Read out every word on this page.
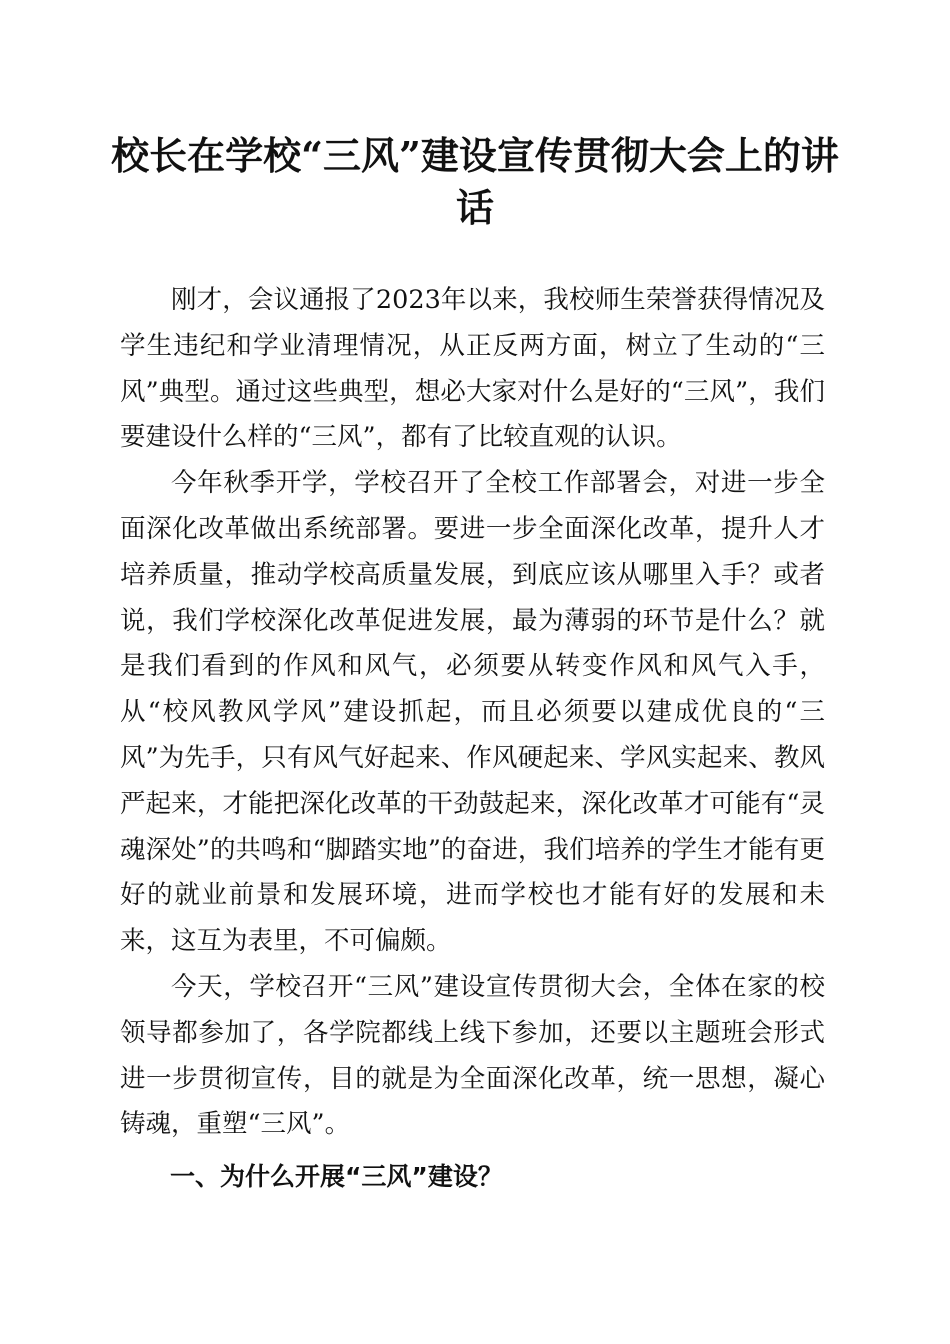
校长在学校“三风”建设宣传贯彻大会上的讲话

刚才，会议通报了2023年以来，我校师生荣誉获得情况及学生违纪和学业清理情况，从正反两方面，树立了生动的“三风”典型。通过这些典型，想必大家对什么是好的“三风”，我们要建设什么样的“三风”，都有了比较直观的认识。

今年秋季开学，学校召开了全校工作部署会，对进一步全面深化改革做出系统部署。要进一步全面深化改革，提升人才培养质量，推动学校高质量发展，到底应该从哪里入手？或者说，我们学校深化改革促进发展，最为薄弱的环节是什么？就是我们看到的作风和风气，必须要从转变作风和风气入手，从“校风教风学风”建设抓起，而且必须要以建成优良的“三风”为先手，只有风气好起来、作风硬起来、学风实起来、教风严起来，才能把深化改革的干劲鼓起来，深化改革才可能有“灵魂深处”的共鸣和“脚踏实地”的奋进，我们培养的学生才能有更好的就业前景和发展环境，进而学校也才能有好的发展和未来，这互为表里，不可偏颇。

今天，学校召开“三风”建设宣传贯彻大会，全体在家的校领导都参加了，各学院都线上线下参加，还要以主题班会形式进一步贯彻宣传，目的就是为全面深化改革，统一思想，凝心铸魂，重塑“三风”。

一、为什么开展“三风”建设？
